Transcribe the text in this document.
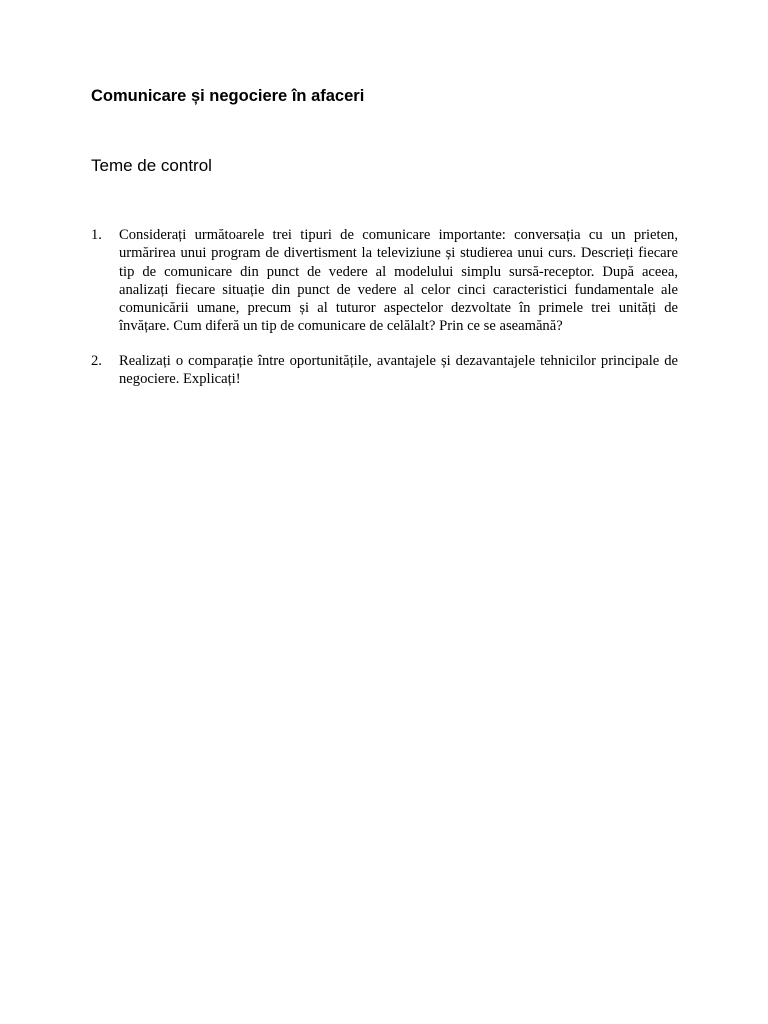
Comunicare și negociere în afaceri
Teme de control
1.	Considerați următoarele trei tipuri de comunicare importante: conversația cu un prieten, urmărirea unui program de divertisment la televiziune și studierea unui curs. Descrieți fiecare tip de comunicare din punct de vedere al modelului simplu sursă-receptor. După aceea, analizați fiecare situație din punct de vedere al celor cinci caracteristici fundamentale ale comunicării umane, precum și al tuturor aspectelor dezvoltate în primele trei unități de învățare. Cum diferă un tip de comunicare de celălalt? Prin ce se aseamănă?
2.	Realizați o comparație între oportunitățile, avantajele și dezavantajele tehnicilor principale de negociere. Explicați!
